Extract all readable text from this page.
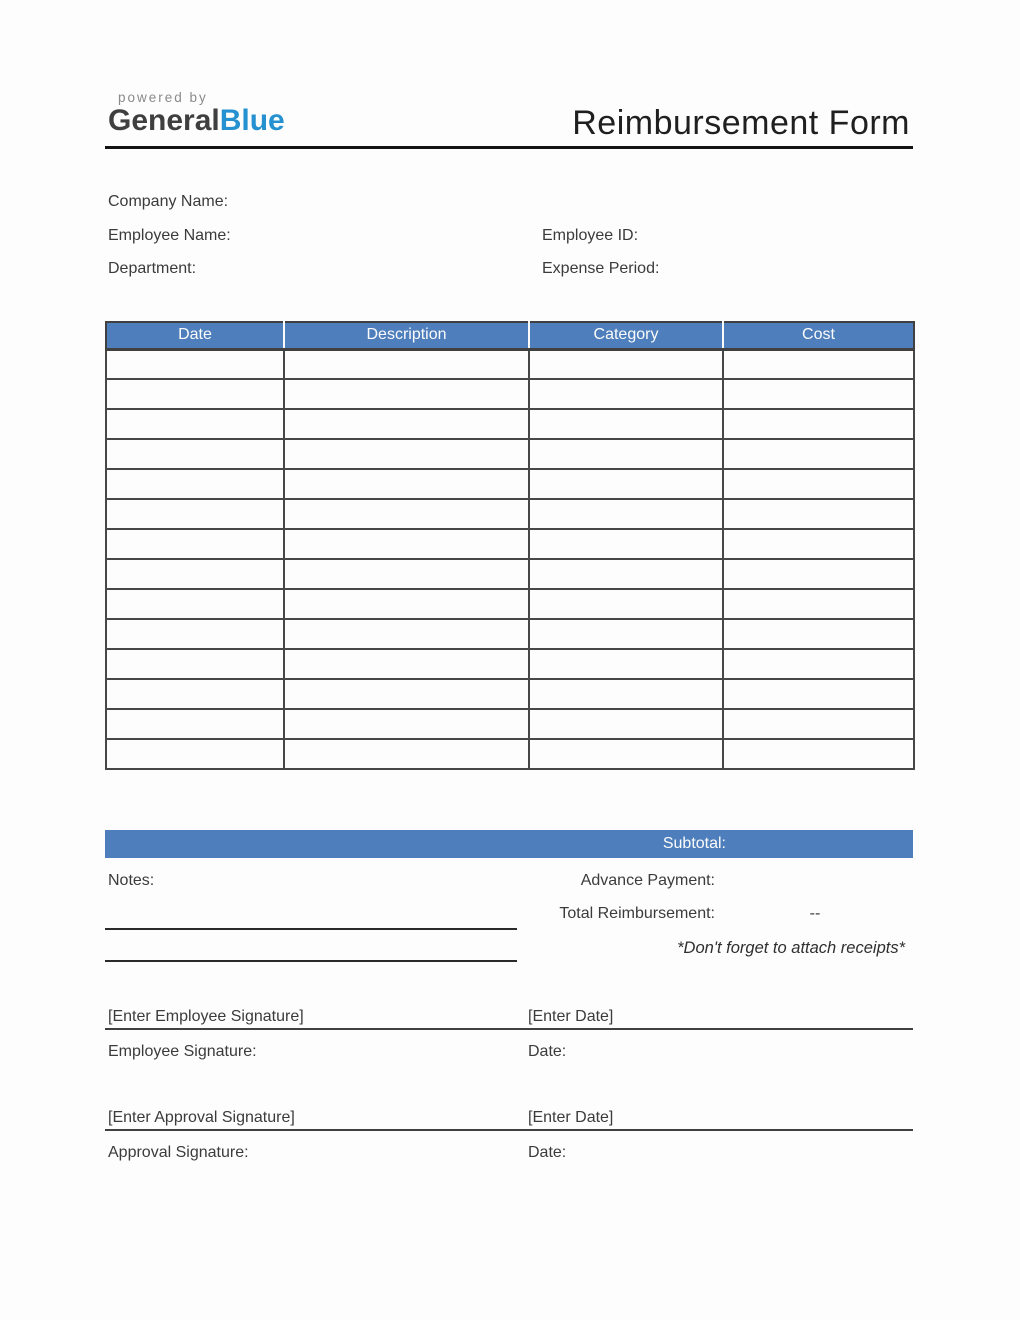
powered by
GeneralBlue	Reimbursement Form
Company Name:
Employee Name:	Employee ID:
Department:	Expense Period:
Date	Description	Category	Cost

Subtotal:
Notes:	Advance Payment:
Total Reimbursement:	--
*Don't forget to attach receipts*
[Enter Employee Signature]	[Enter Date]
Employee Signature:	Date:
[Enter Approval Signature]	[Enter Date]
Approval Signature:	Date:
